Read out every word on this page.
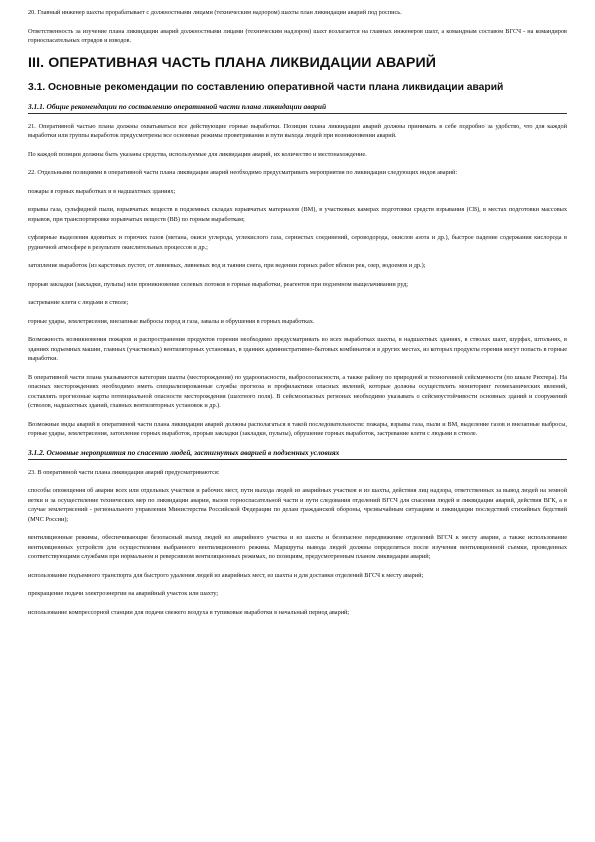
20. Главный инженер шахты прорабатывает с должностными лицами (техническим надзором) шахты план ликвидации аварий под роспись.
Ответственность за изучение плана ликвидации аварий должностными лицами (техническим надзором) шахт возлагается на главных инженеров шахт, а командным составом ВГСЧ - на командиров горноспасательных отрядов и взводов.
III. ОПЕРАТИВНАЯ ЧАСТЬ ПЛАНА ЛИКВИДАЦИИ АВАРИЙ
3.1. Основные рекомендации по составлению оперативной части плана ликвидации аварий
3.1.1. Общие рекомендации по составлению оперативной части плана ликвидации аварий
21. Оперативной частью плана должны охватываться все действующие горные выработки. Позиции плана ликвидации аварий должны принимать в себе подробно за удобство, что для каждой выработки или группы выработок предусмотрены все основные режимы проветривания и пути выхода людей при возникновении аварий.
По каждой позиции должны быть указаны средства, используемые для ликвидации аварий, их количество и местонахождение.
22. Отдельными позициями в оперативной части плана ликвидации аварий необходимо предусматривать мероприятия по ликвидации следующих видов аварий:
пожары в горных выработках и в надшахтных зданиях;
взрывы газа, сульфидной пыли, взрывчатых веществ в подземных складах взрывчатых материалов (ВМ), в участковых камерах подготовки средств взрывания (СВ), в местах подготовки массовых взрывов, при транспортировке взрывчатых веществ (ВВ) по горным выработкам;
суфлярные выделения ядовитых и горючих газов (метана, окиси углерода, углекислого газа, сернистых соединений, сероводорода, окислов азота и др.), быстрое падение содержания кислорода в рудничной атмосфере в результате окислительных процессов и др.;
затопление выработок (из карстовых пустот, от ливневых, ливневых вод и таяния снега, при ведении горных работ вблизи рек, озер, водоемов и др.);
прорыв закладки (закладки, пульпы) или проникновение селевых потоков в горные выработки, реагентов при подземном выщелачивании руд;
застревание клети с людьми в стволе;
горные удары, землетрясения, внезапные выбросы пород и газа, завалы и обрушения в горных выработках.
Возможность возникновения пожаров и распространения продуктов горения необходимо предусматривать во всех выработках шахты, в надшахтных зданиях, в стволах шахт, шурфах, штольнях, в зданиях подъемных машин, главных (участковых) вентиляторных установках, в зданиях административно-бытовых комбинатов и в других местах, из которых продукты горения могут попасть в горные выработки.
В оперативной части плана указываются категории шахты (месторождения) по удароопасности, выбросоопасности, а также району по природной и техногенной сейсмичности (по шкале Рихтера). На опасных месторождениях необходимо иметь специализированные службы прогноза и профилактики опасных явлений, которые должны осуществлять мониторинг геомеханических явлений, составлять прогнозные карты потенциальной опасности месторождения (шахтного поля). В сейсмоопасных регионах необходимо указывать о сейсмоустойчивости основных зданий и сооружений (стволов, надшахтных зданий, главных вентиляторных установок и др.).
Возможные виды аварий в оперативной части плана ликвидации аварий должны располагаться в такой последовательности: пожары, взрывы газа, пыли и ВМ, выделение газов и внезапные выбросы, горные удары, землетрясения, затопление горных выработок, прорыв закладки (закладки, пульпы), обрушение горных выработок, застревание клети с людьми в стволе.
3.1.2. Основные мероприятия по спасению людей, застигнутых аварией в подземных условиях
23. В оперативной части плана ликвидации аварий предусматриваются:
способы оповещения об аварии всех или отдельных участков и рабочих мест, пути выхода людей из аварийных участков и из шахты, действия лиц надзора, ответственных за вывод людей на земной ветки и за осуществление технических мер по ликвидации аварии, вызов горноспасательной части и пути следования отделений ВГСЧ для спасения людей и ликвидации аварий, действия ВГК, а в случае землетрясений - регионального управления Министерства Российской Федерации по делам гражданской обороны, чрезвычайным ситуациям и ликвидации последствий стихийных бедствий (МЧС России);
вентиляционные режимы, обеспечивающие безопасный выход людей из аварийного участка и из шахты и безопасное передвижение отделений ВГСЧ к месту аварии, а также использование вентиляционных устройств для осуществления выбранного вентиляционного режима. Маршруты вывода людей должны определяться после изучения вентиляционной съемки, проведенных соответствующими службами при нормальном и реверсивном вентиляционных режимах, по позициям, предусмотренным планом ликвидации аварий;
использование подъемного транспорта для быстрого удаления людей из аварийных мест, из шахты и для доставки отделений ВГСЧ к месту аварий;
прекращение подачи электроэнергии на аварийный участок или шахту;
использование компрессорной станции для подачи свежего воздуха в тупиковые выработки в начальный период аварий;
